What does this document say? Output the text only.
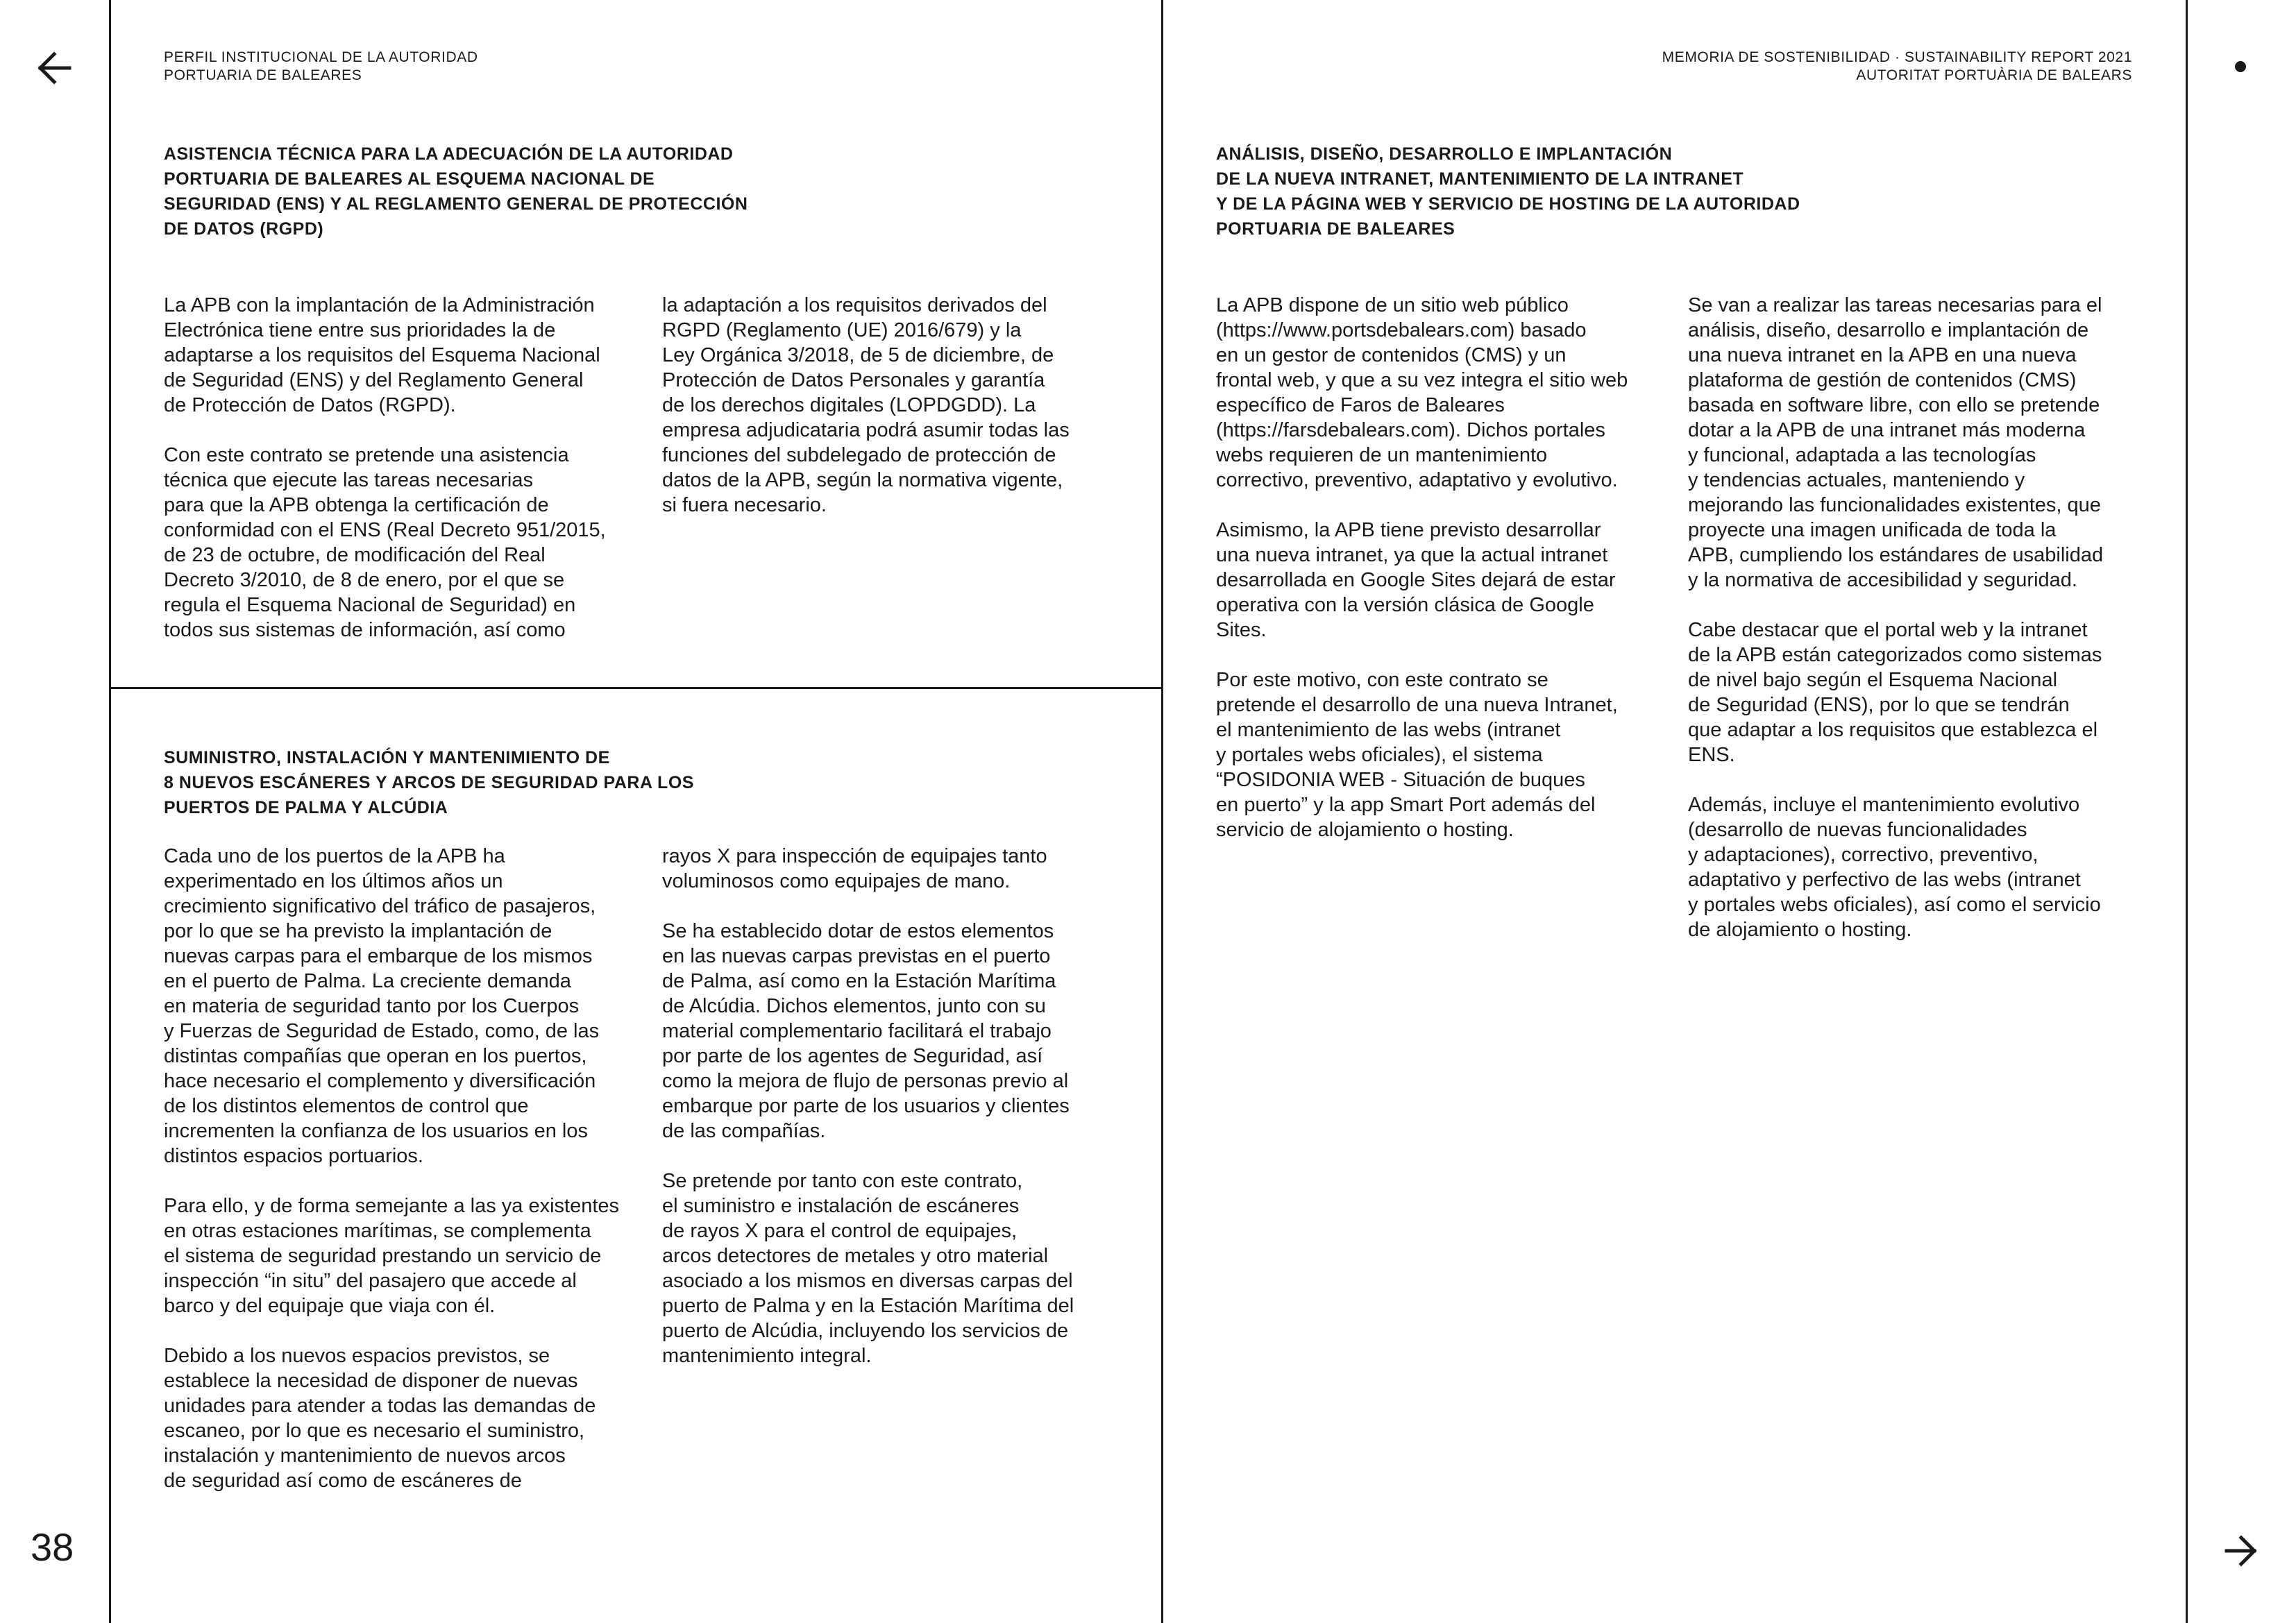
38
PERFIL INSTITUCIONAL DE LA AUTORIDAD
PORTUARIA DE BALEARES
MEMORIA DE SOSTENIBILIDAD · SUSTAINABILITY REPORT 2021
AUTORITAT PORTUÀRIA DE BALEARS
ASISTENCIA TÉCNICA PARA LA ADECUACIÓN DE LA AUTORIDAD
PORTUARIA DE BALEARES AL ESQUEMA NACIONAL DE
SEGURIDAD (ENS) Y AL REGLAMENTO GENERAL DE PROTECCIÓN
DE DATOS (RGPD)

La APB con la implantación de la Administración
Electrónica tiene entre sus prioridades la de
adaptarse a los requisitos del Esquema Nacional
de Seguridad (ENS) y del Reglamento General
de Protección de Datos (RGPD).

Con este contrato se pretende una asistencia
técnica que ejecute las tareas necesarias
para que la APB obtenga la certificación de
conformidad con el ENS (Real Decreto 951/2015,
de 23 de octubre, de modificación del Real
Decreto 3/2010, de 8 de enero, por el que se
regula el Esquema Nacional de Seguridad) en
todos sus sistemas de información, así como

la adaptación a los requisitos derivados del
RGPD (Reglamento (UE) 2016/679) y la
Ley Orgánica 3/2018, de 5 de diciembre, de
Protección de Datos Personales y garantía
de los derechos digitales (LOPDGDD). La
empresa adjudicataria podrá asumir todas las
funciones del subdelegado de protección de
datos de la APB, según la normativa vigente,
si fuera necesario.

SUMINISTRO, INSTALACIÓN Y MANTENIMIENTO DE
8 NUEVOS ESCÁNERES Y ARCOS DE SEGURIDAD PARA LOS
PUERTOS DE PALMA Y ALCÚDIA

Cada uno de los puertos de la APB ha
experimentado en los últimos años un
crecimiento significativo del tráfico de pasajeros,
por lo que se ha previsto la implantación de
nuevas carpas para el embarque de los mismos
en el puerto de Palma. La creciente demanda
en materia de seguridad tanto por los Cuerpos
y Fuerzas de Seguridad de Estado, como, de las
distintas compañías que operan en los puertos,
hace necesario el complemento y diversificación
de los distintos elementos de control que
incrementen la confianza de los usuarios en los
distintos espacios portuarios.

Para ello, y de forma semejante a las ya existentes
en otras estaciones marítimas, se complementa
el sistema de seguridad prestando un servicio de
inspección “in situ” del pasajero que accede al
barco y del equipaje que viaja con él.

Debido a los nuevos espacios previstos, se
establece la necesidad de disponer de nuevas
unidades para atender a todas las demandas de
escaneo, por lo que es necesario el suministro,
instalación y mantenimiento de nuevos arcos
de seguridad así como de escáneres de

rayos X para inspección de equipajes tanto
voluminosos como equipajes de mano.

Se ha establecido dotar de estos elementos
en las nuevas carpas previstas en el puerto
de Palma, así como en la Estación Marítima
de Alcúdia. Dichos elementos, junto con su
material complementario facilitará el trabajo
por parte de los agentes de Seguridad, así
como la mejora de flujo de personas previo al
embarque por parte de los usuarios y clientes
de las compañías.

Se pretende por tanto con este contrato,
el suministro e instalación de escáneres
de rayos X para el control de equipajes,
arcos detectores de metales y otro material
asociado a los mismos en diversas carpas del
puerto de Palma y en la Estación Marítima del
puerto de Alcúdia, incluyendo los servicios de
mantenimiento integral.

ANÁLISIS, DISEÑO, DESARROLLO E IMPLANTACIÓN
DE LA NUEVA INTRANET, MANTENIMIENTO DE LA INTRANET
Y DE LA PÁGINA WEB Y SERVICIO DE HOSTING DE LA AUTORIDAD
PORTUARIA DE BALEARES

La APB dispone de un sitio web público
(https://www.portsdebalears.com) basado
en un gestor de contenidos (CMS) y un
frontal web, y que a su vez integra el sitio web
específico de Faros de Baleares
(https://farsdebalears.com). Dichos portales
webs requieren de un mantenimiento
correctivo, preventivo, adaptativo y evolutivo.

Asimismo, la APB tiene previsto desarrollar
una nueva intranet, ya que la actual intranet
desarrollada en Google Sites dejará de estar
operativa con la versión clásica de Google
Sites.

Por este motivo, con este contrato se
pretende el desarrollo de una nueva Intranet,
el mantenimiento de las webs (intranet
y portales webs oficiales), el sistema
“POSIDONIA WEB - Situación de buques
en puerto” y la app Smart Port además del
servicio de alojamiento o hosting.

Se van a realizar las tareas necesarias para el
análisis, diseño, desarrollo e implantación de
una nueva intranet en la APB en una nueva
plataforma de gestión de contenidos (CMS)
basada en software libre, con ello se pretende
dotar a la APB de una intranet más moderna
y funcional, adaptada a las tecnologías
y tendencias actuales, manteniendo y
mejorando las funcionalidades existentes, que
proyecte una imagen unificada de toda la
APB, cumpliendo los estándares de usabilidad
y la normativa de accesibilidad y seguridad.

Cabe destacar que el portal web y la intranet
de la APB están categorizados como sistemas
de nivel bajo según el Esquema Nacional
de Seguridad (ENS), por lo que se tendrán
que adaptar a los requisitos que establezca el
ENS.

Además, incluye el mantenimiento evolutivo
(desarrollo de nuevas funcionalidades
y adaptaciones), correctivo, preventivo,
adaptativo y perfectivo de las webs (intranet
y portales webs oficiales), así como el servicio
de alojamiento o hosting.
